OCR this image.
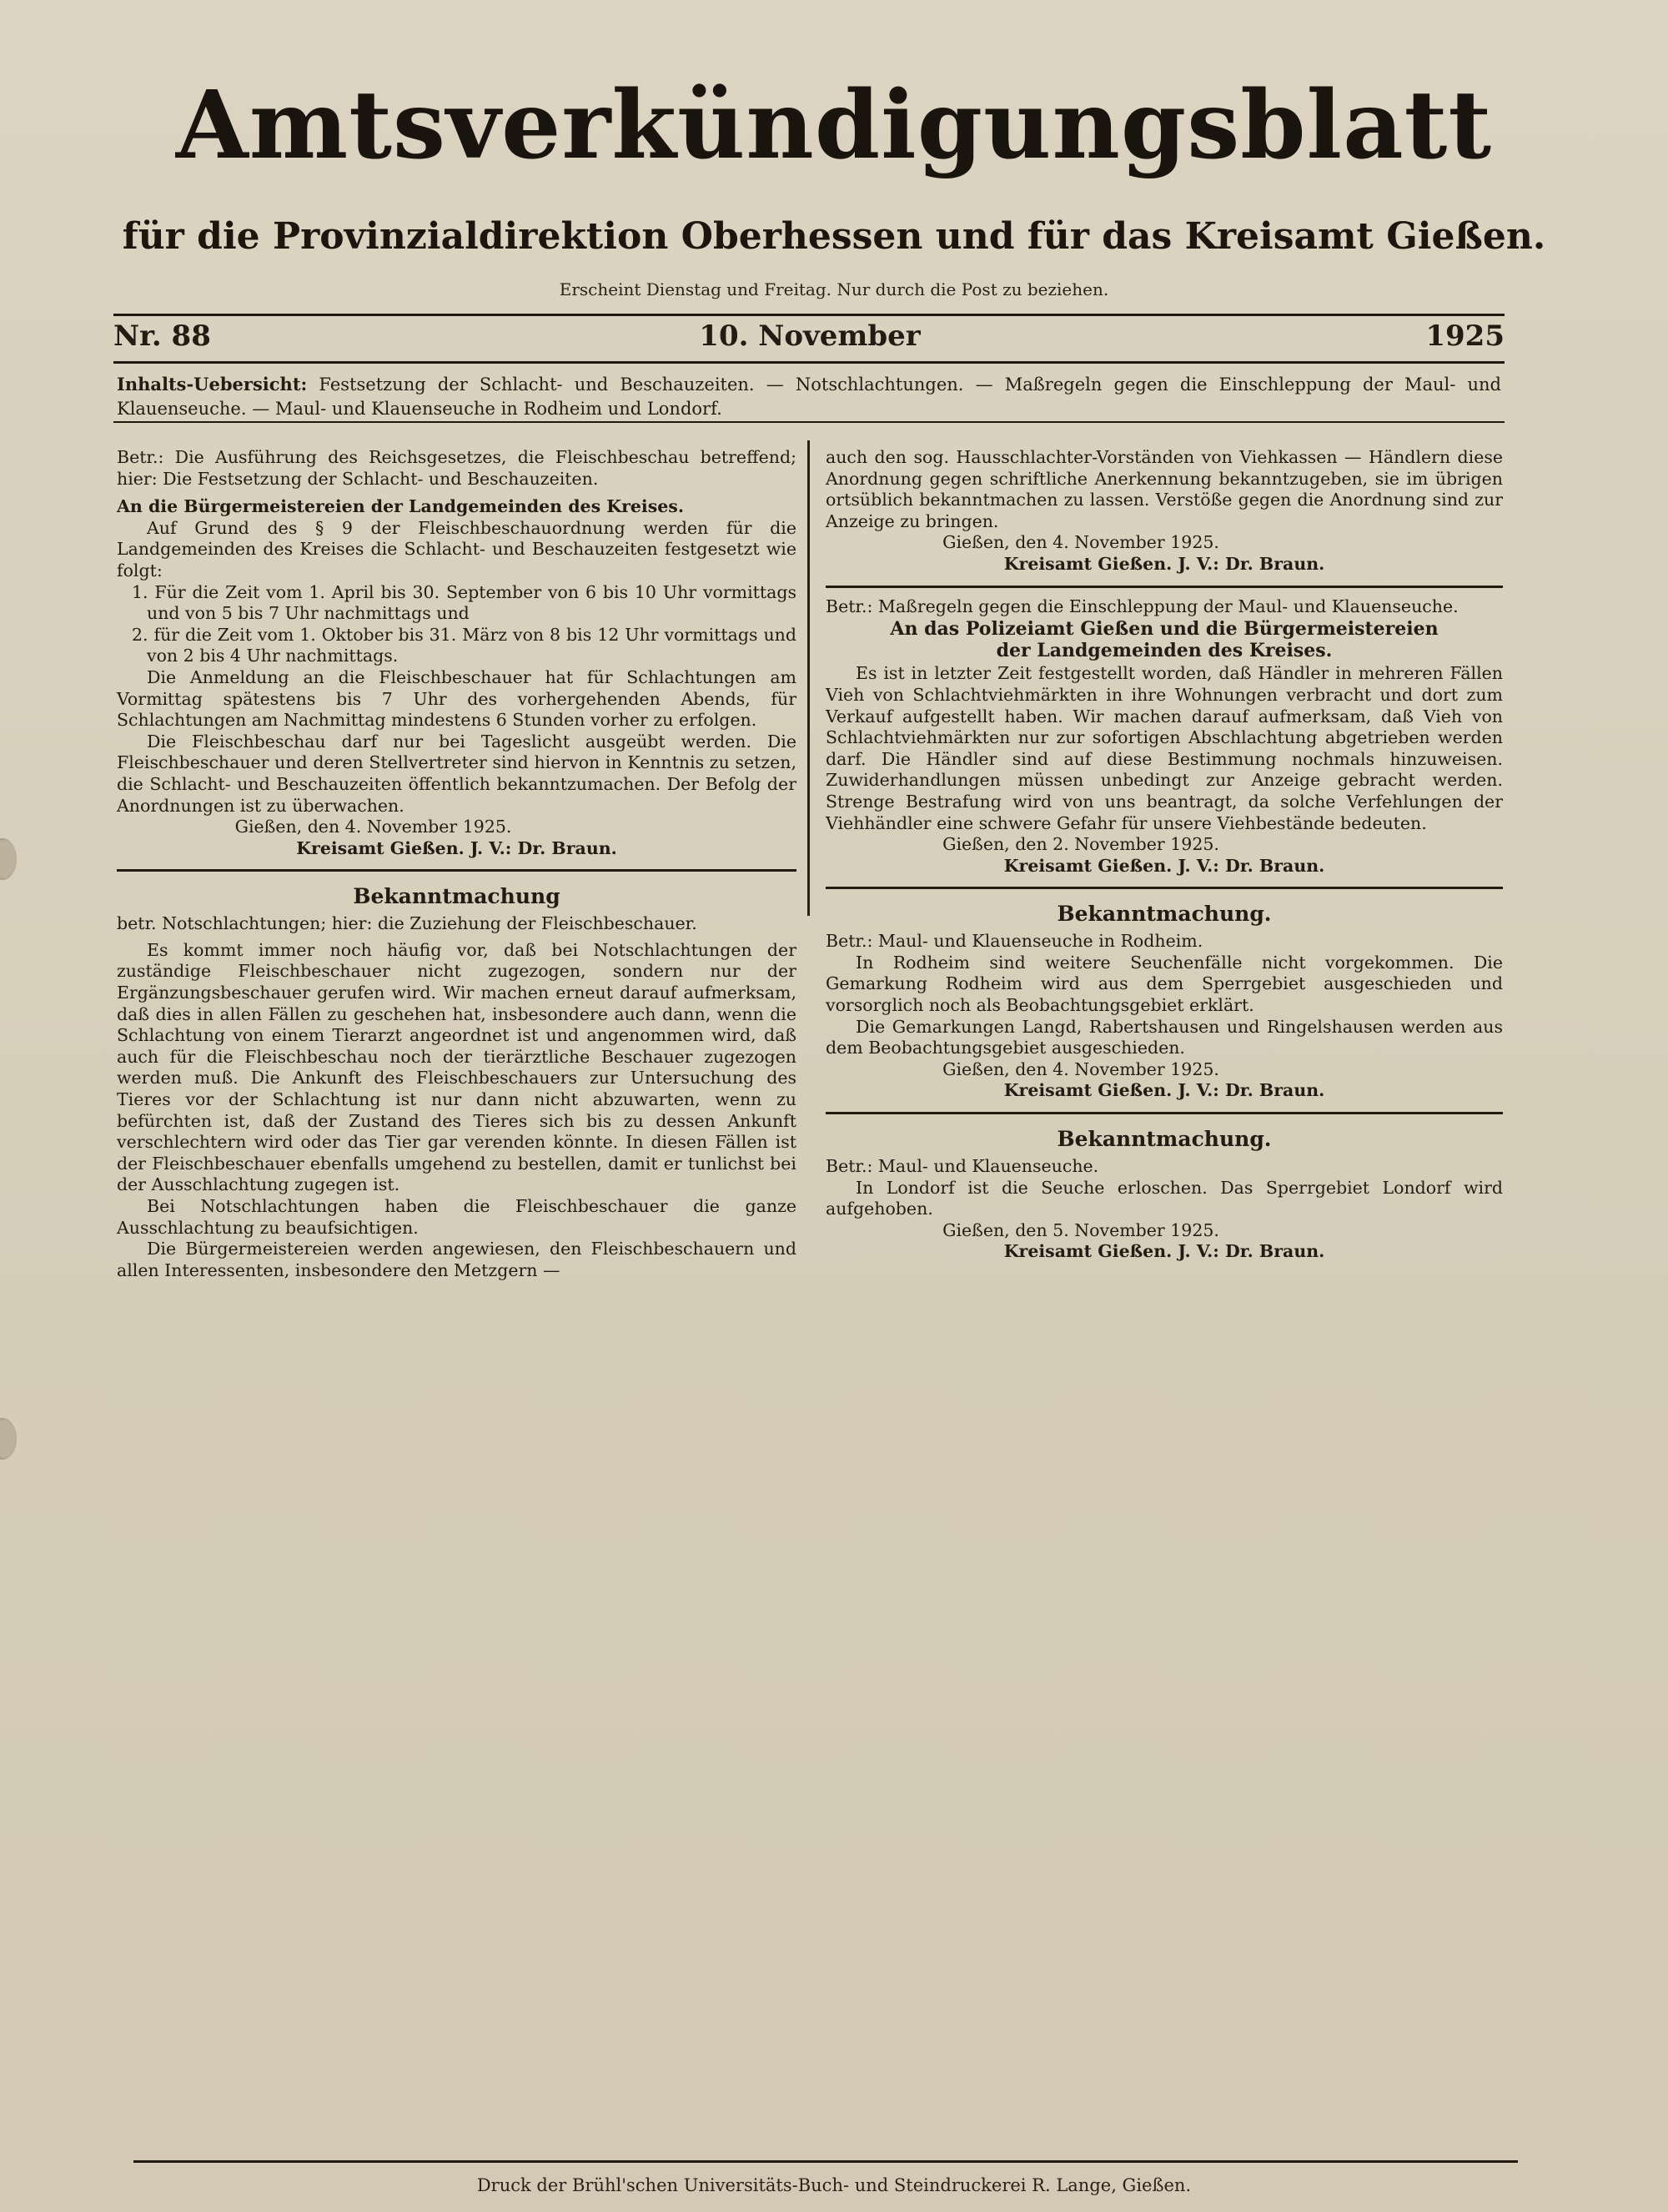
Amtsverkündigungsblatt
für die Provinzialdirektion Oberhessen und für das Kreisamt Gießen.
Erscheint Dienstag und Freitag. Nur durch die Post zu beziehen.
Nr. 88	10. November	1925
Inhalts-Uebersicht: Festsetzung der Schlacht- und Beschauzeiten. — Notschlachtungen. — Maßregeln gegen die Einschleppung der Maul- und Klauenseuche. — Maul- und Klauenseuche in Rodheim und Londorf.

Betr.: Die Ausführung des Reichsgesetzes, die Fleischbeschau betreffend; hier: Die Festsetzung der Schlacht- und Beschauzeiten.

An die Bürgermeistereien der Landgemeinden des Kreises.

Auf Grund des § 9 der Fleischbeschauordnung werden für die Landgemeinden des Kreises die Schlacht- und Beschauzeiten festgesetzt wie folgt:

1. Für die Zeit vom 1. April bis 30. September von 6 bis 10 Uhr vormittags und von 5 bis 7 Uhr nachmittags und

2. für die Zeit vom 1. Oktober bis 31. März von 8 bis 12 Uhr vormittags und von 2 bis 4 Uhr nachmittags.

Die Anmeldung an die Fleischbeschauer hat für Schlachtungen am Vormittag spätestens bis 7 Uhr des vorhergehenden Abends, für Schlachtungen am Nachmittag mindestens 6 Stunden vorher zu erfolgen.

Die Fleischbeschau darf nur bei Tageslicht ausgeübt werden. Die Fleischbeschauer und deren Stellvertreter sind hiervon in Kenntnis zu setzen, die Schlacht- und Beschauzeiten öffentlich bekanntzumachen. Der Befolg der Anordnungen ist zu überwachen.

Gießen, den 4. November 1925.

Kreisamt Gießen. J. V.: Dr. Braun.

Bekanntmachung

betr. Notschlachtungen; hier: die Zuziehung der Fleischbeschauer.

Es kommt immer noch häufig vor, daß bei Notschlachtungen der zuständige Fleischbeschauer nicht zugezogen, sondern nur der Ergänzungsbeschauer gerufen wird. Wir machen erneut darauf aufmerksam, daß dies in allen Fällen zu geschehen hat, insbesondere auch dann, wenn die Schlachtung von einem Tierarzt angeordnet ist und angenommen wird, daß auch für die Fleischbeschau noch der tierärztliche Beschauer zugezogen werden muß. Die Ankunft des Fleischbeschauers zur Untersuchung des Tieres vor der Schlachtung ist nur dann nicht abzuwarten, wenn zu befürchten ist, daß der Zustand des Tieres sich bis zu dessen Ankunft verschlechtern wird oder das Tier gar verenden könnte. In diesen Fällen ist der Fleischbeschauer ebenfalls umgehend zu bestellen, damit er tunlichst bei der Ausschlachtung zugegen ist.

Bei Notschlachtungen haben die Fleischbeschauer die ganze Ausschlachtung zu beaufsichtigen.

Die Bürgermeistereien werden angewiesen, den Fleischbeschauern und allen Interessenten, insbesondere den Metzgern —

auch den sog. Hausschlachter-Vorständen von Viehkassen — Händlern diese Anordnung gegen schriftliche Anerkennung bekanntzugeben, sie im übrigen ortsüblich bekanntmachen zu lassen. Verstöße gegen die Anordnung sind zur Anzeige zu bringen.

Gießen, den 4. November 1925.

Kreisamt Gießen. J. V.: Dr. Braun.

Betr.: Maßregeln gegen die Einschleppung der Maul- und Klauenseuche.

An das Polizeiamt Gießen und die Bürgermeistereien der Landgemeinden des Kreises.

Es ist in letzter Zeit festgestellt worden, daß Händler in mehreren Fällen Vieh von Schlachtviehmärkten in ihre Wohnungen verbracht und dort zum Verkauf aufgestellt haben. Wir machen darauf aufmerksam, daß Vieh von Schlachtviehmärkten nur zur sofortigen Abschlachtung abgetrieben werden darf. Die Händler sind auf diese Bestimmung nochmals hinzuweisen. Zuwiderhandlungen müssen unbedingt zur Anzeige gebracht werden. Strenge Bestrafung wird von uns beantragt, da solche Verfehlungen der Viehhändler eine schwere Gefahr für unsere Viehbestände bedeuten.

Gießen, den 2. November 1925.

Kreisamt Gießen. J. V.: Dr. Braun.

Bekanntmachung.

Betr.: Maul- und Klauenseuche in Rodheim.

In Rodheim sind weitere Seuchenfälle nicht vorgekommen. Die Gemarkung Rodheim wird aus dem Sperrgebiet ausgeschieden und vorsorglich noch als Beobachtungsgebiet erklärt.

Die Gemarkungen Langd, Rabertshausen und Ringelshausen werden aus dem Beobachtungsgebiet ausgeschieden.

Gießen, den 4. November 1925.

Kreisamt Gießen. J. V.: Dr. Braun.

Bekanntmachung.

Betr.: Maul- und Klauenseuche.

In Londorf ist die Seuche erloschen. Das Sperrgebiet Londorf wird aufgehoben.

Gießen, den 5. November 1925.

Kreisamt Gießen. J. V.: Dr. Braun.

Druck der Brühl'schen Universitäts-Buch- und Steindruckerei R. Lange, Gießen.
